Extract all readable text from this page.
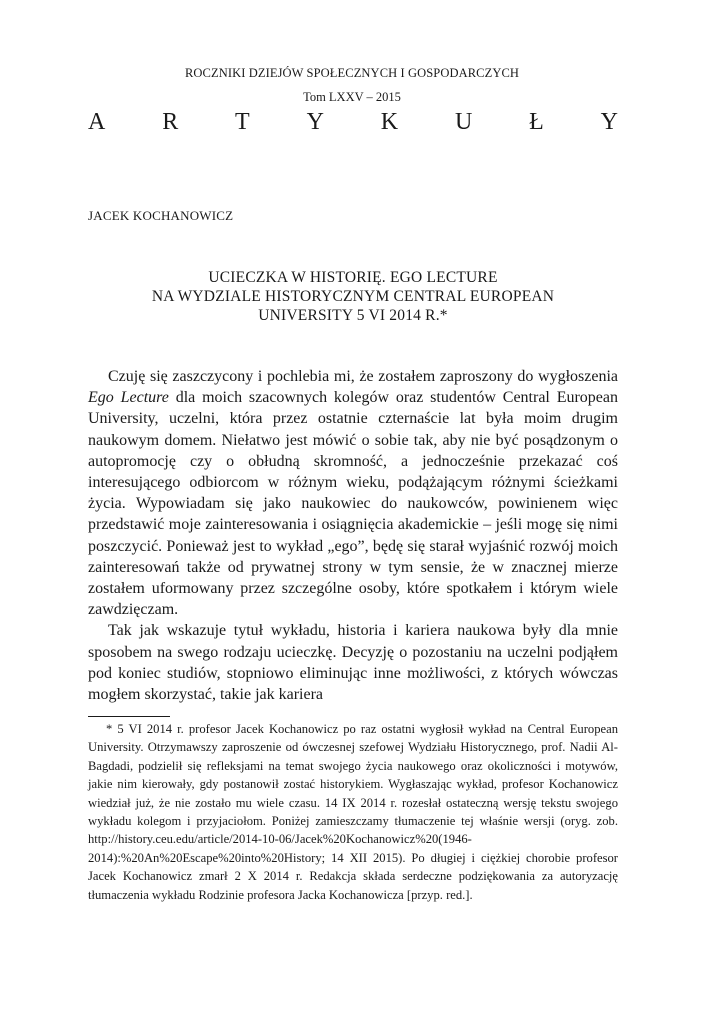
ROCZNIKI DZIEJÓW SPOŁECZNYCH I GOSPODARCZYCH
Tom LXXV – 2015
A R T Y K U Ł Y
JACEK KOCHANOWICZ
UCIECZKA W HISTORIĘ. EGO LECTURE
NA WYDZIALE HISTORYCZNYM CENTRAL EUROPEAN
UNIVERSITY 5 VI 2014 R.*

Czuję się zaszczycony i pochlebia mi, że zostałem zaproszony do wygłoszenia Ego Lecture dla moich szacownych kolegów oraz studentów Central European University, uczelni, która przez ostatnie czternaście lat była moim drugim naukowym domem. Niełatwo jest mówić o sobie tak, aby nie być posądzonym o autopromocję czy o obłudną skromność, a jednocześnie przekazać coś interesującego odbiorcom w różnym wieku, podążającym różnymi ścieżkami życia. Wypowiadam się jako naukowiec do naukowców, powinienem więc przedstawić moje zainteresowania i osiągnięcia akademickie – jeśli mogę się nimi poszczycić. Ponieważ jest to wykład „ego”, będę się starał wyjaśnić rozwój moich zainteresowań także od prywatnej strony w tym sensie, że w znacznej mierze zostałem uformowany przez szczególne osoby, które spotkałem i którym wiele zawdzięczam.

Tak jak wskazuje tytuł wykładu, historia i kariera naukowa były dla mnie sposobem na swego rodzaju ucieczkę. Decyzję o pozostaniu na uczelni podjąłem pod koniec studiów, stopniowo eliminując inne możliwości, z których wówczas mogłem skorzystać, takie jak kariera

* 5 VI 2014 r. profesor Jacek Kochanowicz po raz ostatni wygłosił wykład na Central European University. Otrzymawszy zaproszenie od ówczesnej szefowej Wydziału Historycznego, prof. Nadii Al-Bagdadi, podzielił się refleksjami na temat swojego życia naukowego oraz okoliczności i motywów, jakie nim kierowały, gdy postanowił zostać historykiem. Wygłaszając wykład, profesor Kochanowicz wiedział już, że nie zostało mu wiele czasu. 14 IX 2014 r. rozesłał ostateczną wersję tekstu swojego wykładu kolegom i przyjaciołom. Poniżej zamieszczamy tłumaczenie tej właśnie wersji (oryg. zob. http://history.ceu.edu/article/2014-10-06/Jacek%20Kochanowicz%20(1946-2014):%20An%20Escape%20into%20History; 14 XII 2015). Po długiej i ciężkiej chorobie profesor Jacek Kochanowicz zmarł 2 X 2014 r. Redakcja składa serdeczne podziękowania za autoryzację tłumaczenia wykładu Rodzinie profesora Jacka Kochanowicza [przyp. red.].
